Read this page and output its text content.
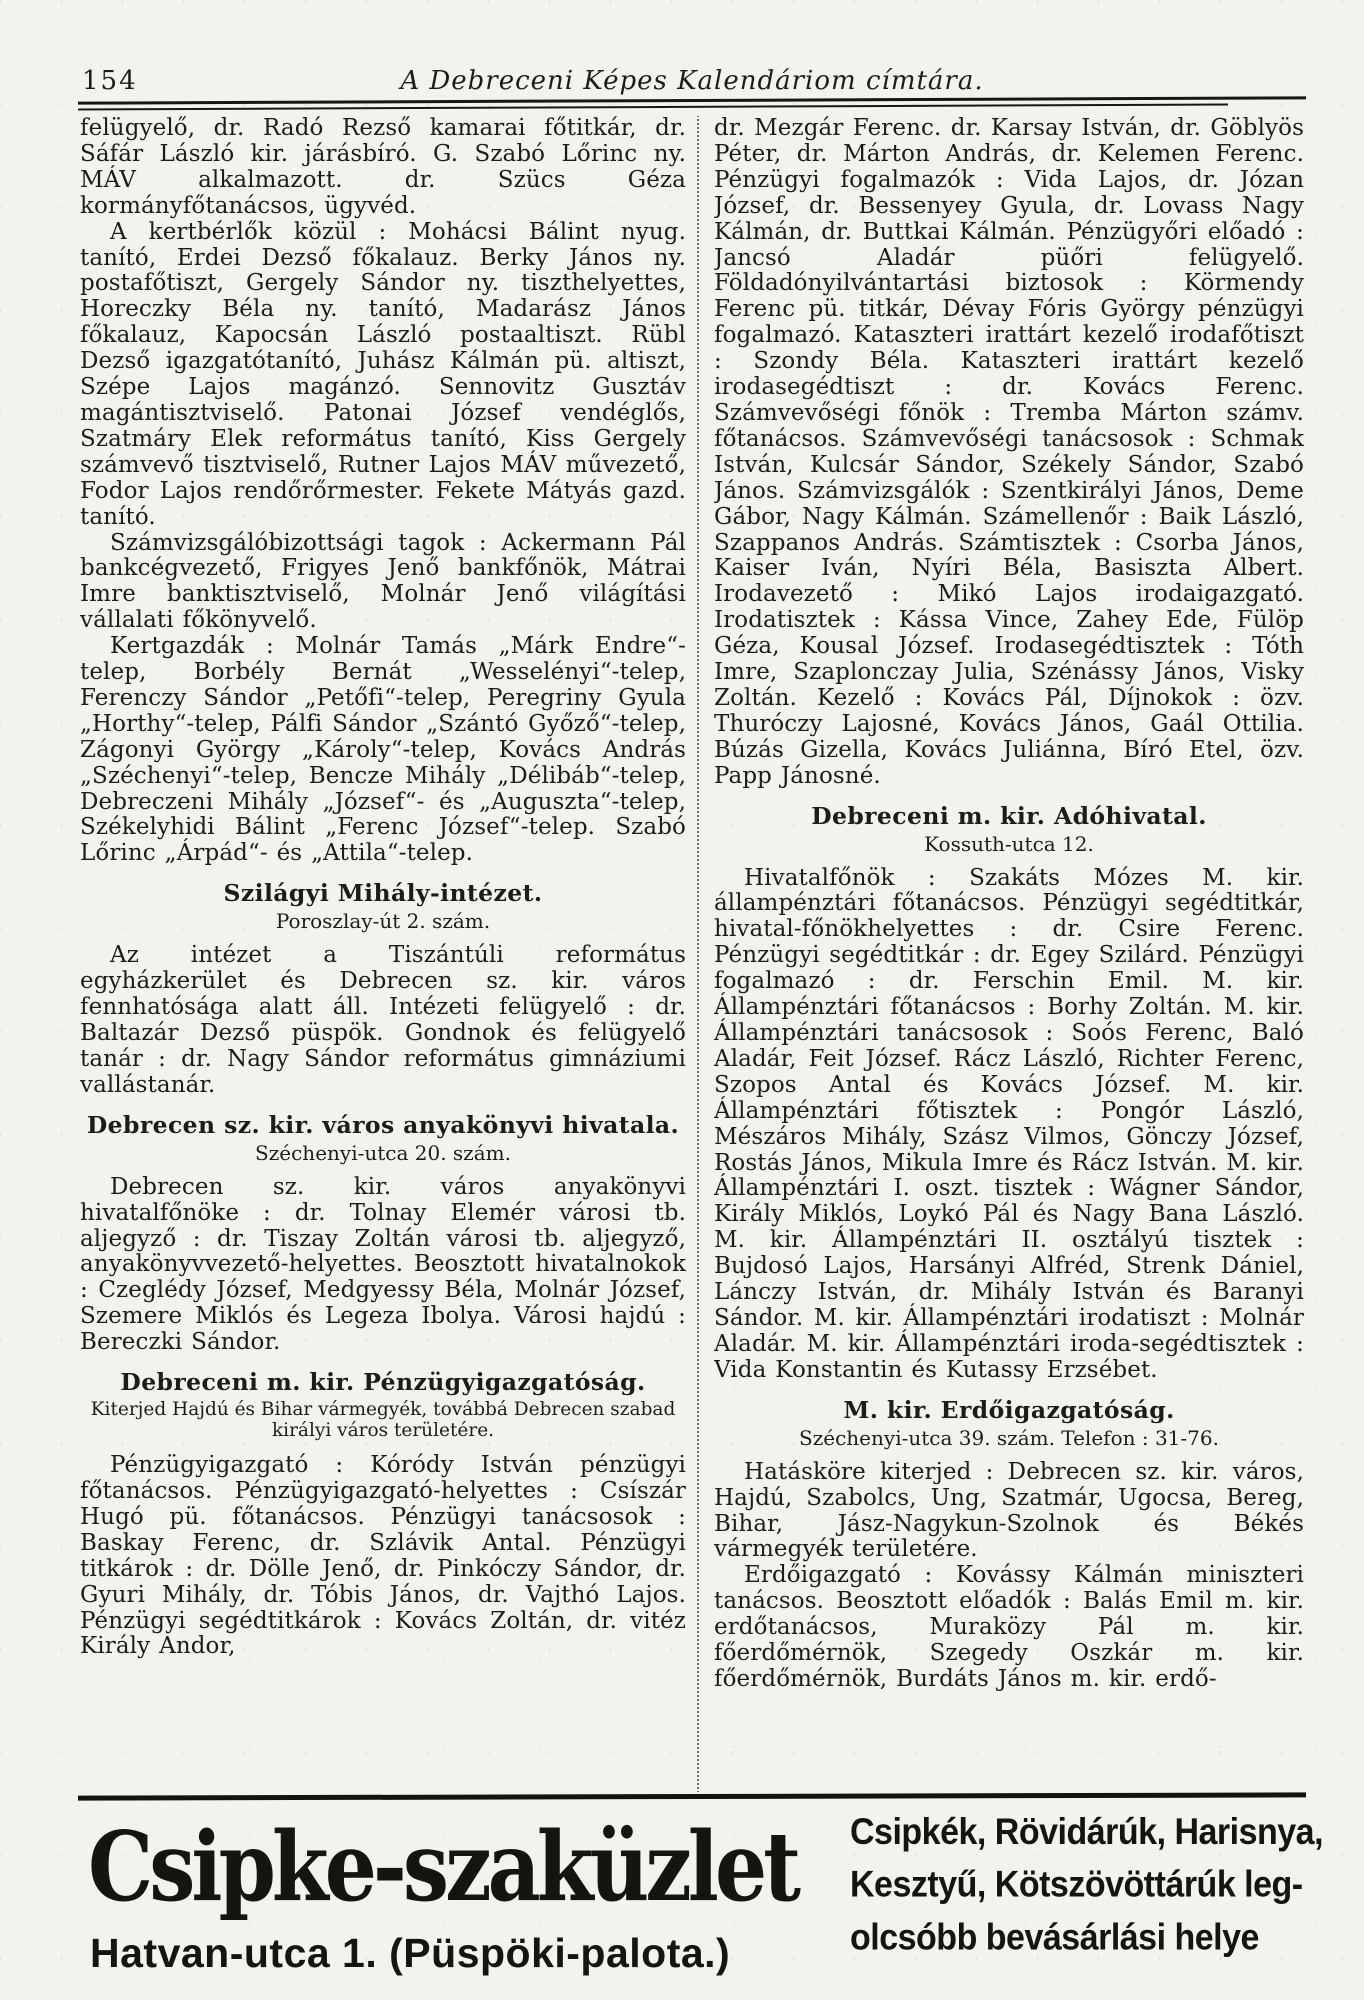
154	A Debreceni Képes Kalendáriom címtára.

felügyelő, dr. Radó Rezső kamarai főtitkár, dr. Sáfár László kir. járásbíró. G. Szabó Lőrinc ny. MÁV alkalmazott. dr. Szücs Géza kormányfőtanácsos, ügyvéd.

A kertbérlők közül : Mohácsi Bálint nyug. tanító, Erdei Dezső főkalauz. Berky János ny. postafőtiszt, Gergely Sándor ny. tiszthelyettes, Horeczky Béla ny. tanító, Madarász János főkalauz, Kapocsán László postaaltiszt. Rübl Dezső igazgatótanító, Juhász Kálmán pü. altiszt, Szépe Lajos magánzó. Sennovitz Gusztáv magántisztviselő. Patonai József vendéglős, Szatmáry Elek református tanító, Kiss Gergely számvevő tisztviselő, Rutner Lajos MÁV művezető, Fodor Lajos rendőrőrmester. Fekete Mátyás gazd. tanító.

Számvizsgálóbizottsági tagok : Ackermann Pál bankcégvezető, Frigyes Jenő bankfőnök, Mátrai Imre banktisztviselő, Molnár Jenő világítási vállalati főkönyvelő.

Kertgazdák : Molnár Tamás „Márk Endre“-telep, Borbély Bernát „Wesselényi“-telep, Ferenczy Sándor „Petőfi“-telep, Peregriny Gyula „Horthy“-telep, Pálfi Sándor „Szántó Győző“-telep, Zágonyi György „Károly“-telep, Kovács András „Széchenyi“-telep, Bencze Mihály „Délibáb“-telep, Debreczeni Mihály „József“- és „Auguszta“-telep, Székelyhidi Bálint „Ferenc József“-telep. Szabó Lőrinc „Árpád“- és „Attila“-telep.

Szilágyi Mihály-intézet.

Poroszlay-út 2. szám.

Az intézet a Tiszántúli református egyházkerület és Debrecen sz. kir. város fennhatósága alatt áll. Intézeti felügyelő : dr. Baltazár Dezső püspök. Gondnok és felügyelő tanár : dr. Nagy Sándor református gimnáziumi vallástanár.

Debrecen sz. kir. város anyakönyvi hivatala.

Széchenyi-utca 20. szám.

Debrecen sz. kir. város anyakönyvi hivatalfőnöke : dr. Tolnay Elemér városi tb. aljegyző : dr. Tiszay Zoltán városi tb. aljegyző, anyakönyvvezető-helyettes. Beosztott hivatalnokok : Czeglédy József, Medgyessy Béla, Molnár József, Szemere Miklós és Legeza Ibolya. Városi hajdú : Bereczki Sándor.

Debreceni m. kir. Pénzügyigazgatóság.

Kiterjed Hajdú és Bihar vármegyék, továbbá Debrecen szabad királyi város területére.

Pénzügyigazgató : Kóródy István pénzügyi főtanácsos. Pénzügyigazgató-helyettes : Csíszár Hugó pü. főtanácsos. Pénzügyi tanácsosok : Baskay Ferenc, dr. Szlávik Antal. Pénzügyi titkárok : dr. Dölle Jenő, dr. Pinkóczy Sándor, dr. Gyuri Mihály, dr. Tóbis János, dr. Vajthó Lajos. Pénzügyi segédtitkárok : Kovács Zoltán, dr. vitéz Király Andor,

dr. Mezgár Ferenc. dr. Karsay István, dr. Göblyös Péter, dr. Márton András, dr. Kelemen Ferenc. Pénzügyi fogalmazók : Vida Lajos, dr. Józan József, dr. Bessenyey Gyula, dr. Lovass Nagy Kálmán, dr. Buttkai Kálmán. Pénzügyőri előadó : Jancsó Aladár püőri felügyelő. Földadónyilvántartási biztosok : Körmendy Ferenc pü. titkár, Dévay Fóris György pénzügyi fogalmazó. Kataszteri irattárt kezelő irodafőtiszt : Szondy Béla. Kataszteri irattárt kezelő irodasegédtiszt : dr. Kovács Ferenc. Számvevőségi főnök : Tremba Márton számv. főtanácsos. Számvevőségi tanácsosok : Schmak István, Kulcsár Sándor, Székely Sándor, Szabó János. Számvizsgálók : Szentkirályi János, Deme Gábor, Nagy Kálmán. Számellenőr : Baik László, Szappanos András. Számtisztek : Csorba János, Kaiser Iván, Nyíri Béla, Basiszta Albert. Irodavezető : Mikó Lajos irodaigazgató. Irodatisztek : Kássa Vince, Zahey Ede, Fülöp Géza, Kousal József. Irodasegédtisztek : Tóth Imre, Szaplonczay Julia, Szénássy János, Visky Zoltán. Kezelő : Kovács Pál, Díjnokok : özv. Thuróczy Lajosné, Kovács János, Gaál Ottilia. Búzás Gizella, Kovács Juliánna, Bíró Etel, özv. Papp Jánosné.

Debreceni m. kir. Adóhivatal.

Kossuth-utca 12.

Hivatalfőnök : Szakáts Mózes M. kir. állampénztári főtanácsos. Pénzügyi segédtitkár, hivatal-főnökhelyettes : dr. Csire Ferenc. Pénzügyi segédtitkár : dr. Egey Szilárd. Pénzügyi fogalmazó : dr. Ferschin Emil. M. kir. Állampénztári főtanácsos : Borhy Zoltán. M. kir. Állampénztári tanácsosok : Soós Ferenc, Baló Aladár, Feit József. Rácz László, Richter Ferenc, Szopos Antal és Kovács József. M. kir. Állampénztári főtisztek : Pongór László, Mészáros Mihály, Szász Vilmos, Gönczy József, Rostás János, Mikula Imre és Rácz István. M. kir. Állampénztári I. oszt. tisztek : Wágner Sándor, Király Miklós, Loykó Pál és Nagy Bana László. M. kir. Állampénztári II. osztályú tisztek : Bujdosó Lajos, Harsányi Alfréd, Strenk Dániel, Lánczy István, dr. Mihály István és Baranyi Sándor. M. kir. Állampénztári irodatiszt : Molnár Aladár. M. kir. Állampénztári iroda-segédtisztek : Vida Konstantin és Kutassy Erzsébet.

M. kir. Erdőigazgatóság.

Széchenyi-utca 39. szám. Telefon : 31-76.

Hatásköre kiterjed : Debrecen sz. kir. város, Hajdú, Szabolcs, Ung, Szatmár, Ugocsa, Bereg, Bihar, Jász-Nagykun-Szolnok és Békés vármegyék területére.

Erdőigazgató : Kovássy Kálmán miniszteri tanácsos. Beosztott előadók : Balás Emil m. kir. erdőtanácsos, Muraközy Pál m. kir. főerdőmérnök, Szegedy Oszkár m. kir. főerdőmérnök, Burdáts János m. kir. erdő-

Csipke-szaküzlet
Hatvan-utca 1. (Püspöki-palota.)
Csipkék, Rövidárúk, Harisnya,
Kesztyű, Kötszövöttárúk leg-
olcsóbb bevásárlási helye
